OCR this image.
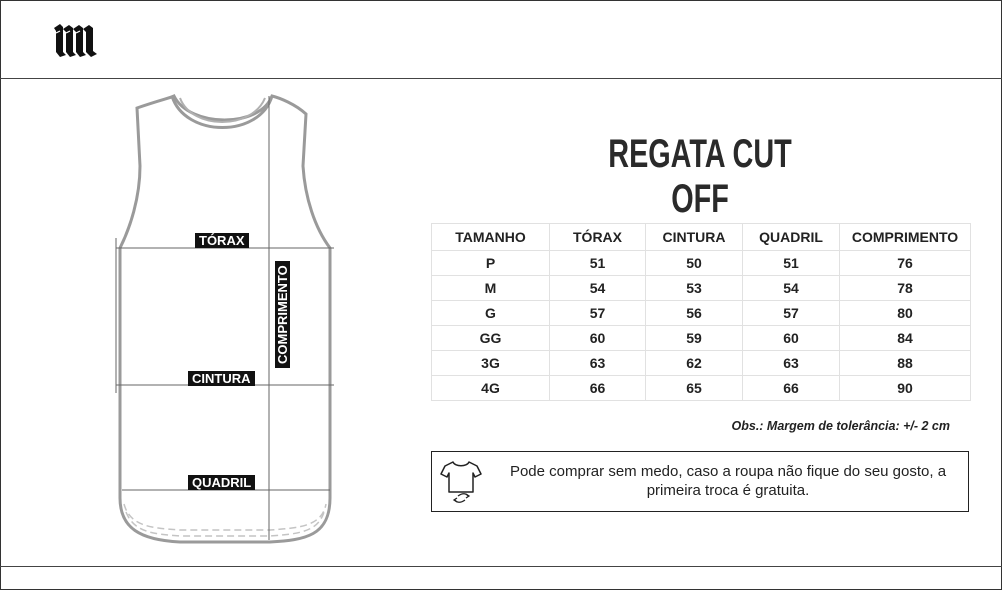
TÓRAX
CINTURA
QUADRIL
COMPRIMENTO
REGATA CUT OFF
TAMANHO	TÓRAX	CINTURA	QUADRIL	COMPRIMENTO
P	51	50	51	76
M	54	53	54	78
G	57	56	57	80
GG	60	59	60	84
3G	63	62	63	88
4G	66	65	66	90
Obs.: Margem de tolerância: +/- 2 cm
Pode comprar sem medo, caso a roupa não fique do seu gosto, a
primeira troca é gratuita.
